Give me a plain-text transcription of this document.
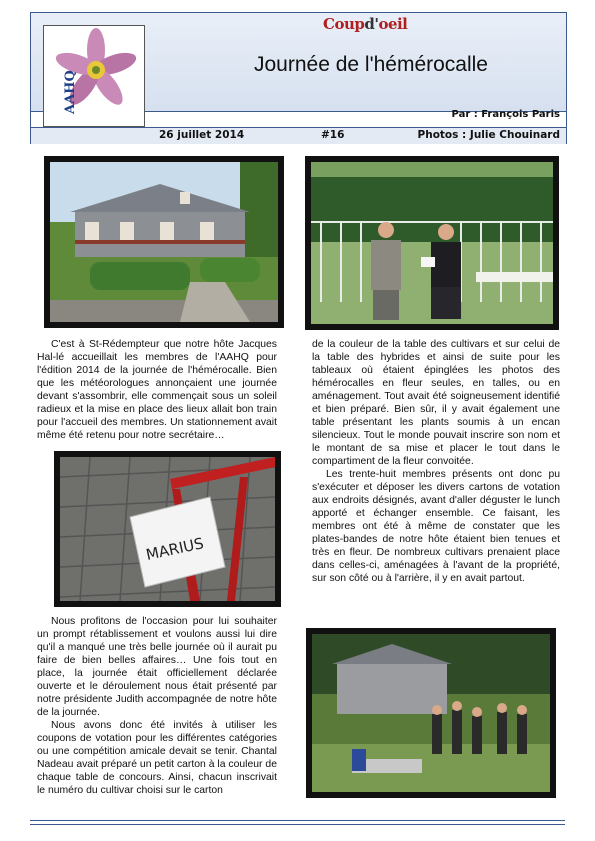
AAHQ
Coupd'oeil
Journée de l'hémérocalle
Par : François Paris
26 juillet 2014	#16	Photos : Julie Chouinard

C'est à St-Rédempteur que notre hôte Jacques Hal-lé accueillait les membres de l'AAHQ pour l'édition 2014 de la journée de l'hémérocalle. Bien que les météorologues annonçaient une journée devant s'assombrir, elle commençait sous un soleil radieux et la mise en place des lieux allait bon train pour l'accueil des membres. Un stationnement avait même été retenu pour notre secrétaire…

MARIUS

Nous profitons de l'occasion pour lui souhaiter un prompt rétablissement et voulons aussi lui dire qu'il a manqué une très belle journée où il aurait pu faire de bien belles affaires… Une fois tout en place, la journée était officiellement déclarée ouverte et le déroulement nous était présenté par notre présidente Judith accompagnée de notre hôte de la journée.

Nous avons donc été invités à utiliser les coupons de votation pour les différentes catégories ou une compétition amicale devait se tenir. Chantal Nadeau avait préparé un petit carton à la couleur de chaque table de concours. Ainsi, chacun inscrivait le numéro du cultivar choisi sur le carton

de la couleur de la table des cultivars et sur celui de la table des hybrides et ainsi de suite pour les tableaux où étaient épinglées les photos des hémérocalles en fleur seules, en talles, ou en aménagement. Tout avait été soigneusement identifié et bien préparé. Bien sûr, il y avait également une table présentant les plants soumis à un encan silencieux. Tout le monde pouvait inscrire son nom et le montant de sa mise et placer le tout dans le compartiment de la fleur convoitée.

Les trente-huit membres présents ont donc pu s'exécuter et déposer les divers cartons de votation aux endroits désignés, avant d'aller déguster le lunch apporté et échanger ensemble. Ce faisant, les membres ont été à même de constater que les plates-bandes de notre hôte étaient bien tenues et très en fleur. De nombreux cultivars prenaient place dans celles-ci, aménagées à l'avant de la propriété, sur son côté ou à l'arrière, il y en avait partout.
